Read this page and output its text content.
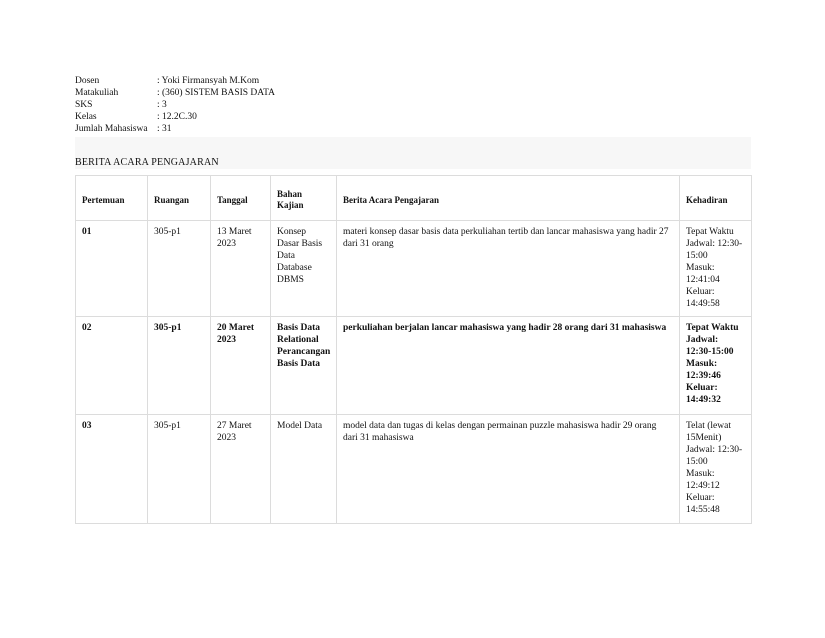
Dosen	: Yoki Firmansyah M.Kom
Matakuliah	: (360) SISTEM BASIS DATA
SKS	: 3
Kelas	: 12.2C.30
Jumlah Mahasiswa : 31
BERITA ACARA PENGAJARAN
Pertemuan	Ruangan	Tanggal	Bahan Kajian	Berita Acara Pengajaran	Kehadiran
01	305-p1	13 Maret 2023	Konsep Dasar Basis Data Database DBMS	materi konsep dasar basis data perkuliahan tertib dan lancar mahasiswa yang hadir 27 dari 31 orang	Tepat Waktu
Jadwal: 12:30-15:00
Masuk: 12:41:04
Keluar: 14:49:58
02	305-p1	20 Maret 2023	Basis Data Relational Perancangan Basis Data	perkuliahan berjalan lancar mahasiswa yang hadir 28 orang dari 31 mahasiswa	Tepat Waktu
Jadwal: 12:30-15:00
Masuk: 12:39:46
Keluar: 14:49:32
03	305-p1	27 Maret 2023	Model Data	model data dan tugas di kelas dengan permainan puzzle mahasiswa hadir 29 orang dari 31 mahasiswa	Telat (lewat 15Menit)
Jadwal: 12:30-15:00
Masuk: 12:49:12
Keluar: 14:55:48
